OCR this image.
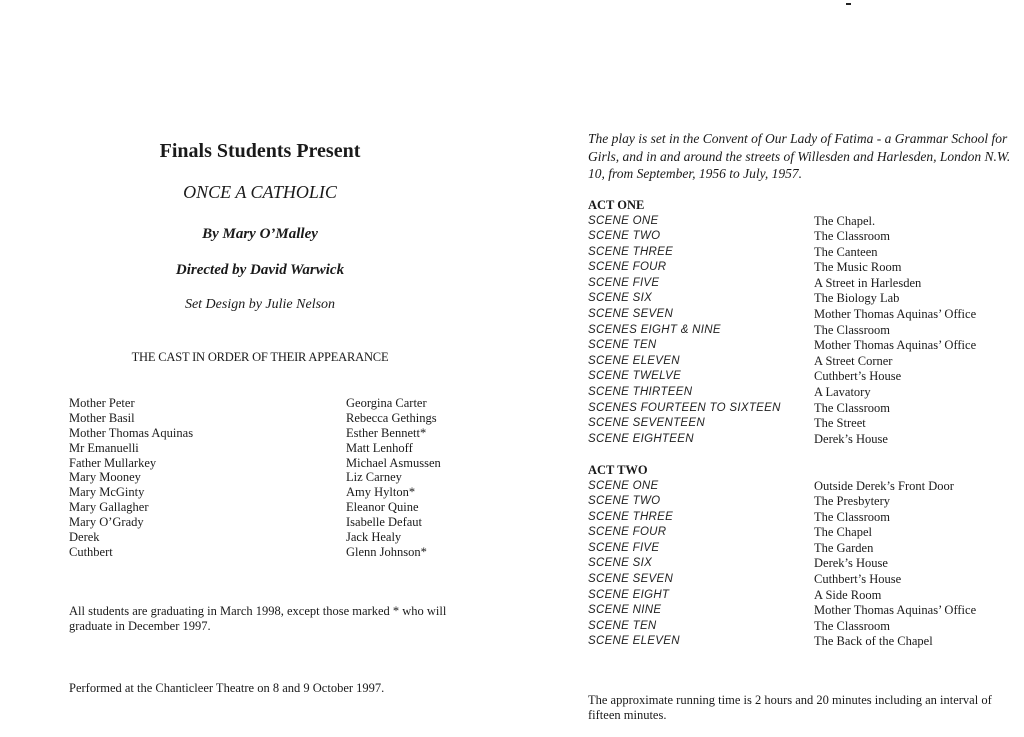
Finals Students Present
ONCE A CATHOLIC
By Mary O’Malley
Directed by David Warwick
Set Design by Julie Nelson
THE CAST IN ORDER OF THEIR APPEARANCE
Mother Peter	Georgina Carter
Mother Basil	Rebecca Gethings
Mother Thomas Aquinas	Esther Bennett*
Mr Emanuelli	Matt Lenhoff
Father Mullarkey	Michael Asmussen
Mary Mooney	Liz Carney
Mary McGinty	Amy Hylton*
Mary Gallagher	Eleanor Quine
Mary O’Grady	Isabelle Defaut
Derek	Jack Healy
Cuthbert	Glenn Johnson*
All students are graduating in March 1998, except those marked * who will graduate in December 1997.
Performed at the Chanticleer Theatre on 8 and 9 October 1997.
The play is set in the Convent of Our Lady of Fatima - a Grammar School for Girls, and in and around the streets of Willesden and Harlesden, London N.W. 10, from September, 1956 to July, 1957.
ACT ONE
SCENE ONE	The Chapel.
SCENE TWO	The Classroom
SCENE THREE	The Canteen
SCENE FOUR	The Music Room
SCENE FIVE	A Street in Harlesden
SCENE SIX	The Biology Lab
SCENE SEVEN	Mother Thomas Aquinas’ Office
SCENES EIGHT & NINE	The Classroom
SCENE TEN	Mother Thomas Aquinas’ Office
SCENE ELEVEN	A Street Corner
SCENE TWELVE	Cuthbert’s House
SCENE THIRTEEN	A Lavatory
SCENES FOURTEEN TO SIXTEEN	The Classroom
SCENE SEVENTEEN	The Street
SCENE EIGHTEEN	Derek’s House
ACT TWO
SCENE ONE	Outside Derek’s Front Door
SCENE TWO	The Presbytery
SCENE THREE	The Classroom
SCENE FOUR	The Chapel
SCENE FIVE	The Garden
SCENE SIX	Derek’s House
SCENE SEVEN	Cuthbert’s House
SCENE EIGHT	A Side Room
SCENE NINE	Mother Thomas Aquinas’ Office
SCENE TEN	The Classroom
SCENE ELEVEN	The Back of the Chapel
The approximate running time is 2 hours and 20 minutes including an interval of fifteen minutes.
